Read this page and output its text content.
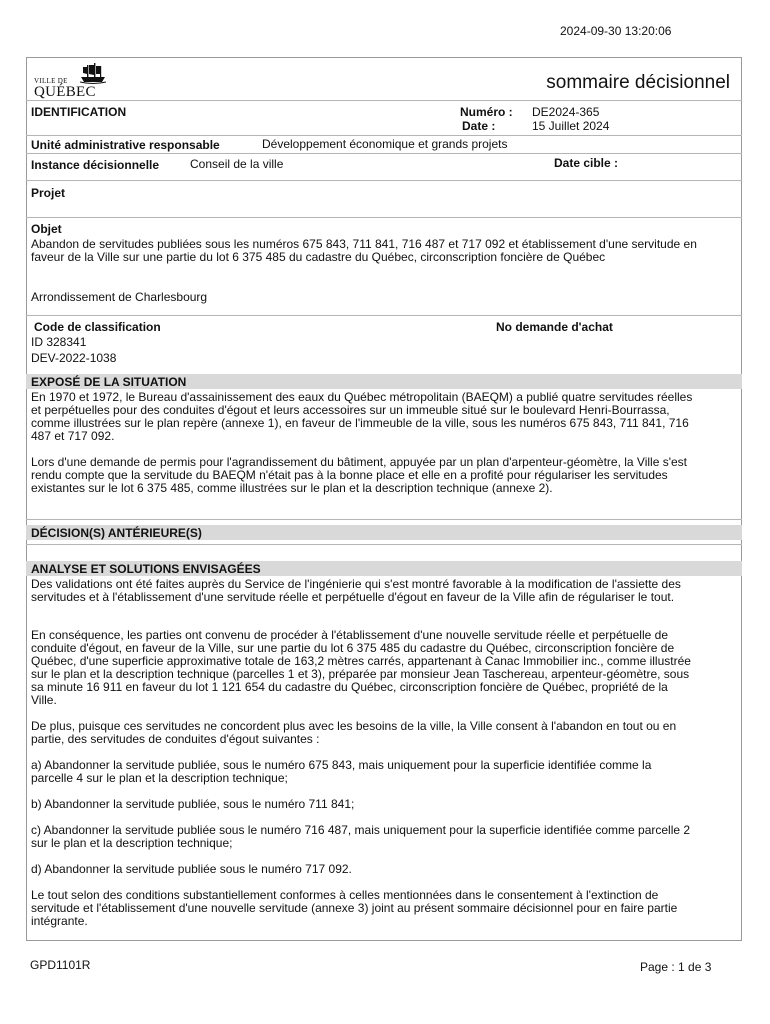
2024-09-30 13:20:06
VILLE DE
QUÉBEC	sommaire décisionnel
IDENTIFICATION	Numéro : DE2024-365
Date :	15 Juillet 2024
Unité administrative responsable	Développement économique et grands projets
Instance décisionnelle	Conseil de la ville	Date cible :
Projet
Objet

Abandon de servitudes publiées sous les numéros 675 843, 711 841, 716 487 et 717 092 et établissement d'une servitude en faveur de la Ville sur une partie du lot 6 375 485 du cadastre du Québec, circonscription foncière de Québec

Arrondissement de Charlesbourg
Code de classification	No demande d'achat
ID 328341
DEV-2022-1038
EXPOSÉ DE LA SITUATION

En 1970 et 1972, le Bureau d'assainissement des eaux du Québec métropolitain (BAEQM) a publié quatre servitudes réelles et perpétuelles pour des conduites d'égout et leurs accessoires sur un immeuble situé sur le boulevard Henri-Bourrassa, comme illustrées sur le plan repère (annexe 1), en faveur de l'immeuble de la ville, sous les numéros 675 843, 711 841, 716 487 et 717 092.

Lors d'une demande de permis pour l'agrandissement du bâtiment, appuyée par un plan d'arpenteur-géomètre, la Ville s'est rendu compte que la servitude du BAEQM n'était pas à la bonne place et elle en a profité pour régulariser les servitudes existantes sur le lot 6 375 485, comme illustrées sur le plan et la description technique (annexe 2).

DÉCISION(S) ANTÉRIEURE(S)
ANALYSE ET SOLUTIONS ENVISAGÉES

Des validations ont été faites auprès du Service de l'ingénierie qui s'est montré favorable à la modification de l'assiette des servitudes et à l'établissement d'une servitude réelle et perpétuelle d'égout en faveur de la Ville afin de régulariser le tout.

En conséquence, les parties ont convenu de procéder à l'établissement d'une nouvelle servitude réelle et perpétuelle de conduite d'égout, en faveur de la Ville, sur une partie du lot 6 375 485 du cadastre du Québec, circonscription foncière de Québec, d'une superficie approximative totale de 163,2 mètres carrés, appartenant à Canac Immobilier inc., comme illustrée sur le plan et la description technique (parcelles 1 et 3), préparée par monsieur Jean Taschereau, arpenteur-géomètre, sous sa minute 16 911 en faveur du lot 1 121 654 du cadastre du Québec, circonscription foncière de Québec, propriété de la Ville.

De plus, puisque ces servitudes ne concordent plus avec les besoins de la ville, la Ville consent à l'abandon en tout ou en partie, des servitudes de conduites d'égout suivantes :

a) Abandonner la servitude publiée, sous le numéro 675 843, mais uniquement pour la superficie identifiée comme la parcelle 4 sur le plan et la description technique;

b) Abandonner la servitude publiée, sous le numéro 711 841;

c) Abandonner la servitude publiée sous le numéro 716 487, mais uniquement pour la superficie identifiée comme parcelle 2 sur le plan et la description technique;

d) Abandonner la servitude publiée sous le numéro 717 092.

Le tout selon des conditions substantiellement conformes à celles mentionnées dans le consentement à l'extinction de servitude et l'établissement d'une nouvelle servitude (annexe 3) joint au présent sommaire décisionnel pour en faire partie intégrante.

GPD1101R	Page : 1 de 3
